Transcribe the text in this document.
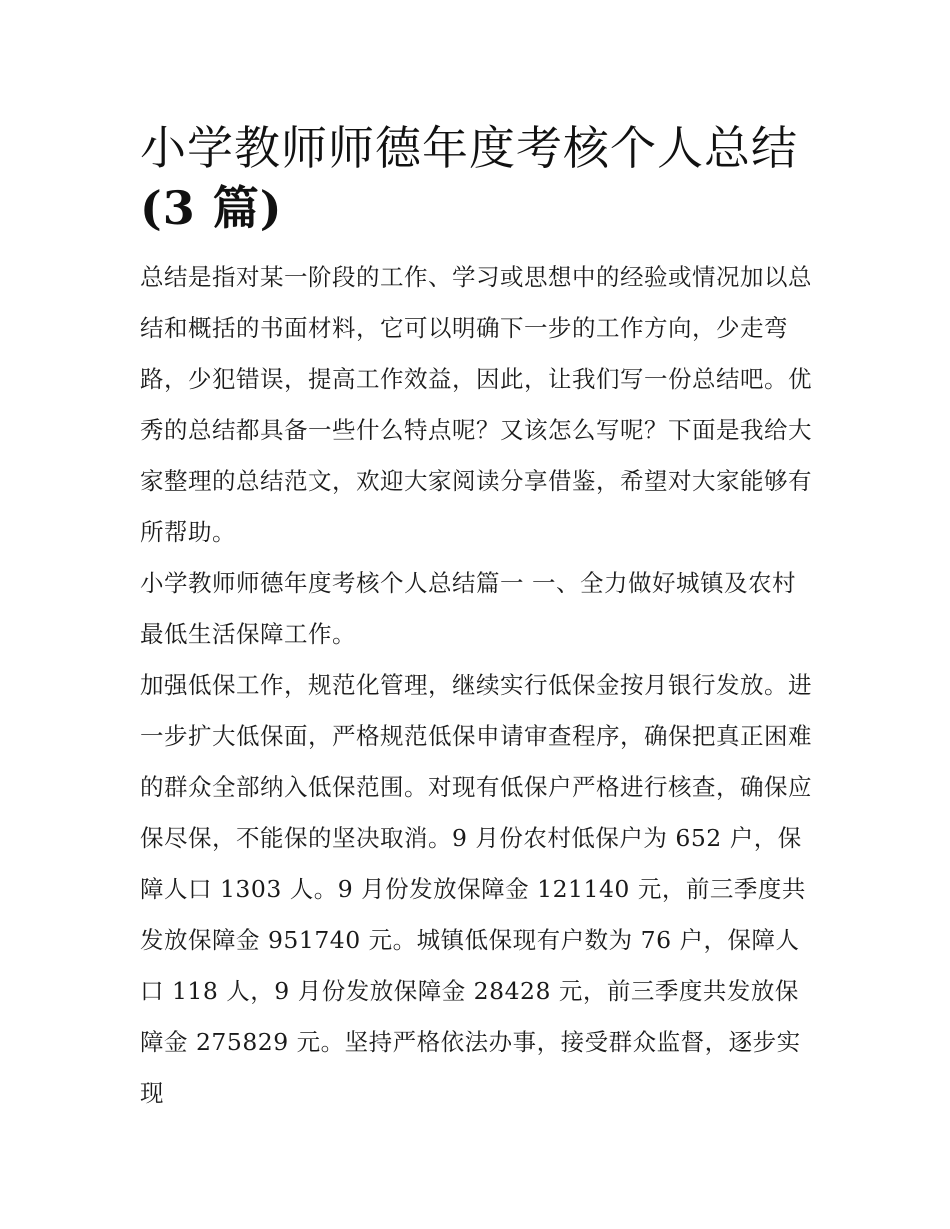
小学教师师德年度考核个人总结(3 篇)

总结是指对某一阶段的工作、学习或思想中的经验或情况加以总结和概括的书面材料，它可以明确下一步的工作方向，少走弯路，少犯错误，提高工作效益，因此，让我们写一份总结吧。优秀的总结都具备一些什么特点呢？又该怎么写呢？下面是我给大家整理的总结范文，欢迎大家阅读分享借鉴，希望对大家能够有所帮助。

小学教师师德年度考核个人总结篇一 一、全力做好城镇及农村最低生活保障工作。

加强低保工作，规范化管理，继续实行低保金按月银行发放。进一步扩大低保面，严格规范低保申请审查程序，确保把真正困难的群众全部纳入低保范围。对现有低保户严格进行核查，确保应保尽保，不能保的坚决取消。9 月份农村低保户为 652 户，保障人口 1303 人。9 月份发放保障金 121140 元，前三季度共发放保障金 951740 元。城镇低保现有户数为 76 户，保障人口 118 人，9 月份发放保障金 28428 元，前三季度共发放保障金 275829 元。坚持严格依法办事，接受群众监督，逐步实现
